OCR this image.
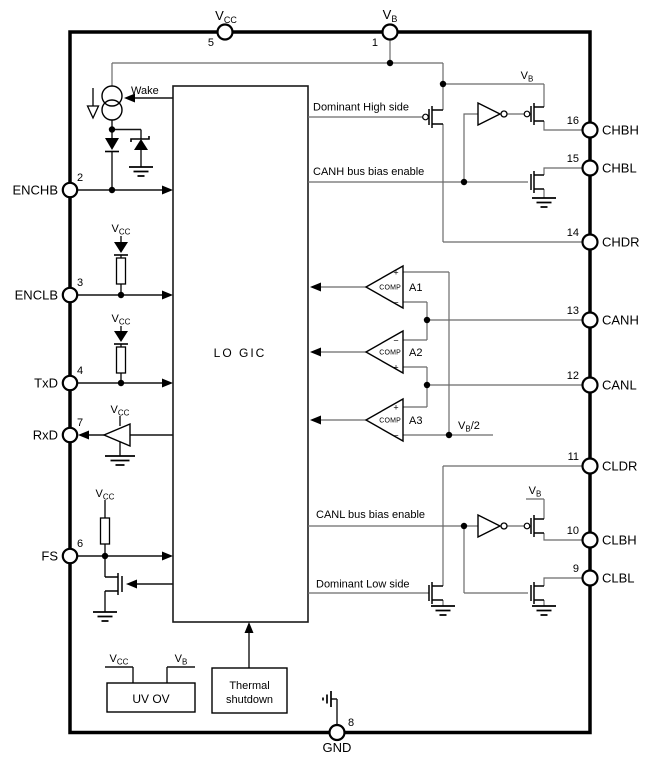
LO GIC
Wake
$V_{CC}$
$V_{CC}$
$V_{CC}$
$V_{CC}$
COMP
+
−
A1
COMP
−
+
A2
COMP
+
−
A3	$V_B/2$
Dominant High side
CANH bus bias enable
CANL bus bias enable
Dominant Low side
$V_B$
$V_B$
Thermal
shutdown
UV OV
$V_{CC}$	$V_B$
$V_{CC}$
5
$V_B$
1
ENCHB
2
ENCLB
3
TxD
4
RxD
7
FS
6
CHBH
16
CHBL
15
CHDR
14
CANH
13
CANL
12
CLDR
11
CLBH
10
CLBL
9
8
GND
